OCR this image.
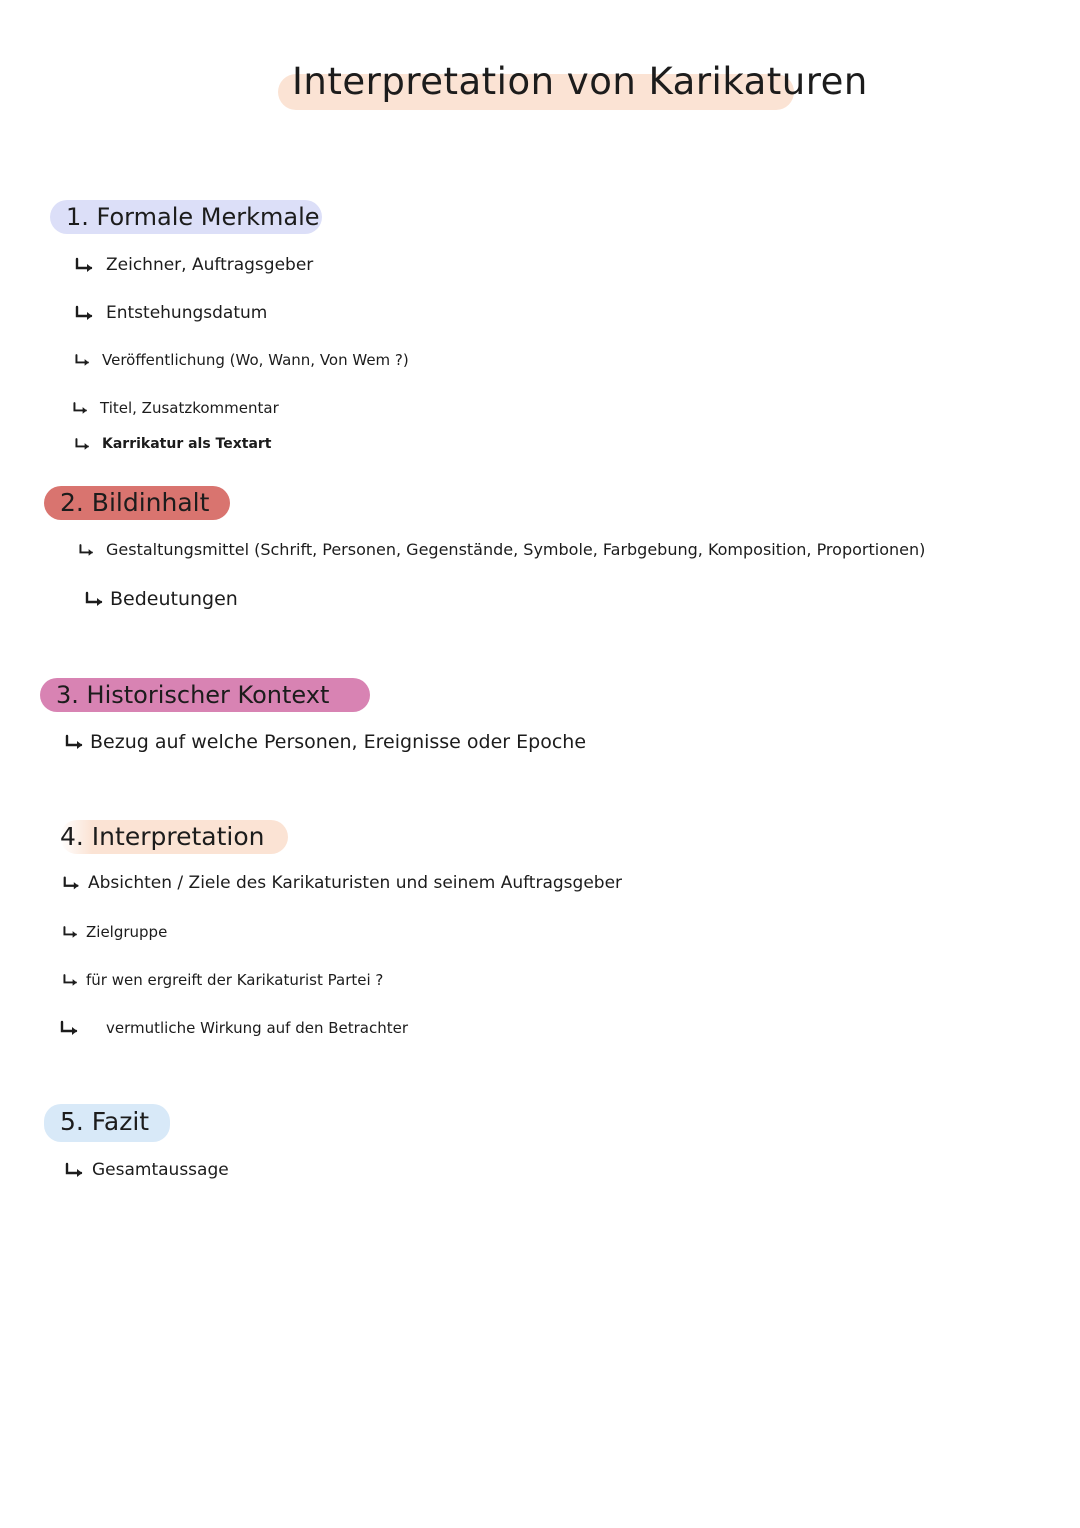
Interpretation von Karikaturen
1. Formale Merkmale
Zeichner, Auftragsgeber
Entstehungsdatum
Veröffentlichung (Wo, Wann, Von Wem ?)
Titel, Zusatzkommentar
Karrikatur als Textart
2. Bildinhalt
Gestaltungsmittel (Schrift, Personen, Gegenstände, Symbole, Farbgebung, Komposition, Proportionen)
Bedeutungen
3. Historischer Kontext
Bezug auf welche Personen, Ereignisse oder Epoche
4. Interpretation
Absichten / Ziele des Karikaturisten und seinem Auftragsgeber
Zielgruppe
für wen ergreift der Karikaturist Partei ?
vermutliche Wirkung auf den Betrachter
5. Fazit
Gesamtaussage
